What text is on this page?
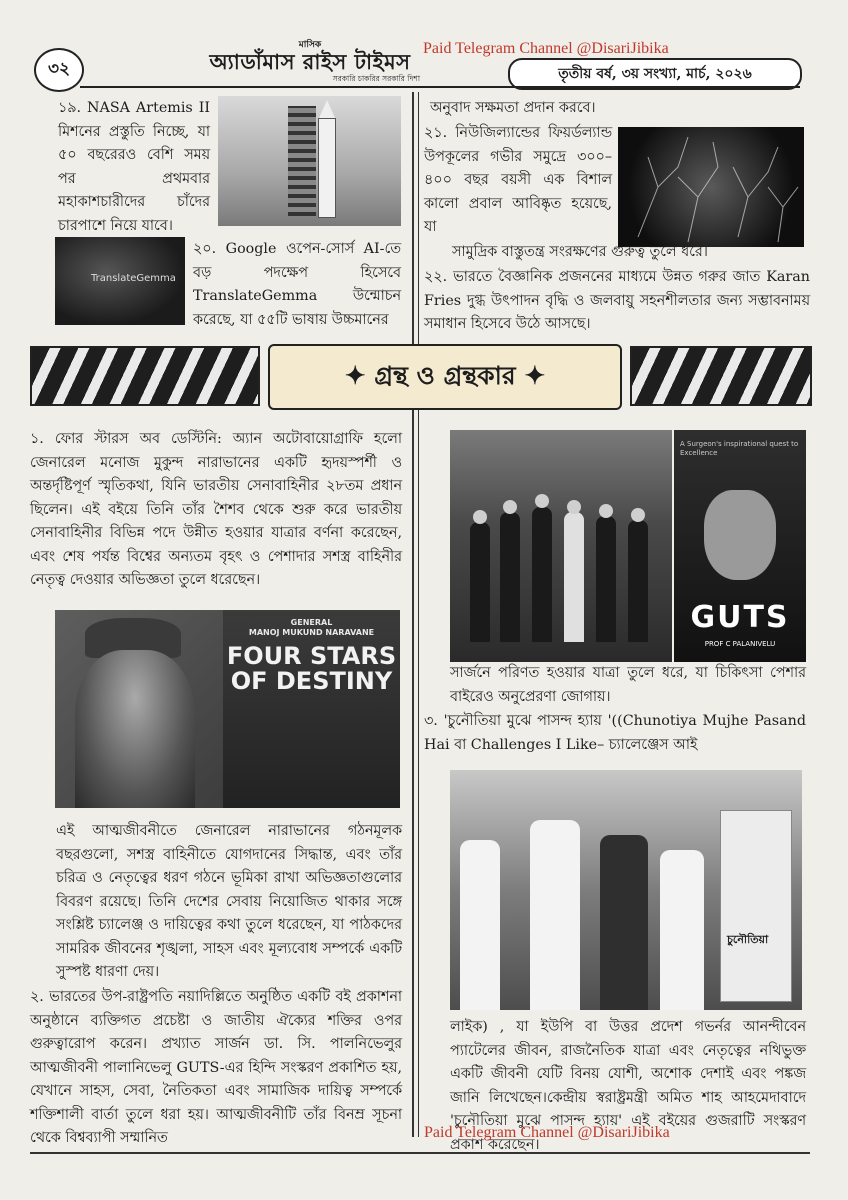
৩২
মাসিক
অ্যাডাঁমাস রাইস টাইমস
সরকারি চাকরির সরকারি দিশা
Paid Telegram Channel @DisariJibika
তৃতীয় বর্ষ, ৩য় সংখ্যা, মার্চ, ২০২৬
১৯. NASA Artemis II মিশনের প্রস্তুতি নিচ্ছে, যা ৫০ বছরেরও বেশি সময় পর প্রথমবার মহাকাশচারীদের চাঁদের চারপাশে নিয়ে যাবে।
TranslateGemma
২০. Google ওপেন-সোর্স AI-তে বড় পদক্ষেপ হিসেবে TranslateGemma উন্মোচন করেছে, যা ৫৫টি ভাষায় উচ্চমানের
অনুবাদ সক্ষমতা প্রদান করবে।
২১. নিউজিল্যান্ডের ফিয়র্ডল্যান্ড উপকূলের গভীর সমুদ্রে ৩০০–৪০০ বছর বয়সী এক বিশাল কালো প্রবাল আবিষ্কৃত হয়েছে, যা
সামুদ্রিক বাস্তুতন্ত্র সংরক্ষণের গুরুত্ব তুলে ধরে।
২২. ভারতে বৈজ্ঞানিক প্রজননের মাধ্যমে উন্নত গরুর জাত Karan Fries দুগ্ধ উৎপাদন বৃদ্ধি ও জলবায়ু সহনশীলতার জন্য সম্ভাবনাময় সমাধান হিসেবে উঠে আসছে।
✦ গ্রন্থ ও গ্রন্থকার ✦
১. ফোর স্টারস অব ডেস্টিনি: অ্যান অটোবায়োগ্রাফি হলো জেনারেল মনোজ মুকুন্দ নারাভানের একটি হৃদয়স্পর্শী ও অন্তর্দৃষ্টিপূর্ণ স্মৃতিকথা, যিনি ভারতীয় সেনাবাহিনীর ২৮তম প্রধান ছিলেন। এই বইয়ে তিনি তাঁর শৈশব থেকে শুরু করে ভারতীয় সেনাবাহিনীর বিভিন্ন পদে উন্নীত হওয়ার যাত্রার বর্ণনা করেছেন, এবং শেষ পর্যন্ত বিশ্বের অন্যতম বৃহৎ ও পেশাদার সশস্ত্র বাহিনীর নেতৃত্ব দেওয়ার অভিজ্ঞতা তুলে ধরেছেন।
GENERAL
MANOJ MUKUND NARAVANE
FOUR STARS OF DESTINY
এই আত্মজীবনীতে জেনারেল নারাভানের গঠনমূলক বছরগুলো, সশস্ত্র বাহিনীতে যোগদানের সিদ্ধান্ত, এবং তাঁর চরিত্র ও নেতৃত্বের ধরণ গঠনে ভূমিকা রাখা অভিজ্ঞতাগুলোর বিবরণ রয়েছে। তিনি দেশের সেবায় নিয়োজিত থাকার সঙ্গে সংশ্লিষ্ট চ্যালেঞ্জ ও দায়িত্বের কথা তুলে ধরেছেন, যা পাঠকদের সামরিক জীবনের শৃঙ্খলা, সাহস এবং মূল্যবোধ সম্পর্কে একটি সুস্পষ্ট ধারণা দেয়।
২. ভারতের উপ-রাষ্ট্রপতি নয়াদিল্লিতে অনুষ্ঠিত একটি বই প্রকাশনা অনুষ্ঠানে ব্যক্তিগত প্রচেষ্টা ও জাতীয় ঐক্যের শক্তির ওপর গুরুত্বারোপ করেন। প্রখ্যাত সার্জন ডা. সি. পালনিভেলুর আত্মজীবনী পালানিভেলু GUTS-এর হিন্দি সংস্করণ প্রকাশিত হয়, যেখানে সাহস, সেবা, নৈতিকতা এবং সামাজিক দায়িত্ব সম্পর্কে শক্তিশালী বার্তা তুলে ধরা হয়। আত্মজীবনীটি তাঁর বিনম্র সূচনা থেকে বিশ্বব্যাপী সম্মানিত
A Surgeon's inspirational quest to Excellence
GUTS
PROF C PALANIVELU
সার্জনে পরিণত হওয়ার যাত্রা তুলে ধরে, যা চিকিৎসা পেশার বাইরেও অনুপ্রেরণা জোগায়।
৩. 'চুনৌতিয়া মুঝে পাসন্দ হ্যায় '((Chunotiya Mujhe Pasand Hai বা Challenges I Like– চ্যালেঞ্জেস আই
চুনৌতিয়া
লাইক) , যা ইউপি বা উত্তর প্রদেশ গভর্নর আনন্দীবেন প্যাটেলের জীবন, রাজনৈতিক যাত্রা এবং নেতৃত্বের নথিভুক্ত একটি জীবনী যেটি বিনয় যোশী, অশোক দেশাই এবং পঙ্কজ জানি লিখেছেন।কেন্দ্রীয় স্বরাষ্ট্রমন্ত্রী অমিত শাহ আহমেদাবাদে 'চুনৌতিয়া মুঝে পাসন্দ হ্যায়' এই বইয়ের গুজরাটি সংস্করণ প্রকাশ করেছেন।
Paid Telegram Channel @DisariJibika
